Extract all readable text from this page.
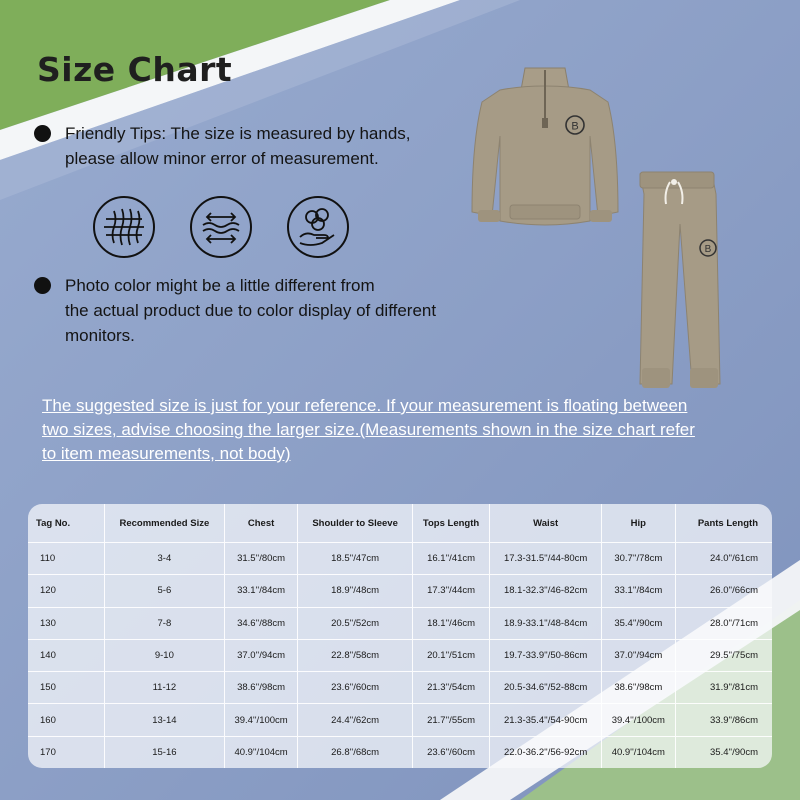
Size Chart
Friendly Tips: The size is measured by hands,
please allow minor error of measurement.
Photo color might be a little different from
the actual product due to color display of different
monitors.
B
B
The suggested size is just for your reference. If your measurement is floating between
two sizes, advise choosing the larger size.(Measurements shown in the size chart refer
to item measurements, not body)
Tag No.	Recommended Size	Chest	Shoulder to Sleeve	Tops Length	Waist	Hip	Pants Length
110	3-4	31.5''/80cm	18.5''/47cm	16.1''/41cm	17.3-31.5''/44-80cm	30.7''/78cm	24.0''/61cm
120	5-6	33.1''/84cm	18.9''/48cm	17.3''/44cm	18.1-32.3''/46-82cm	33.1''/84cm	26.0''/66cm
130	7-8	34.6''/88cm	20.5''/52cm	18.1''/46cm	18.9-33.1''/48-84cm	35.4''/90cm	28.0''/71cm
140	9-10	37.0''/94cm	22.8''/58cm	20.1''/51cm	19.7-33.9''/50-86cm	37.0''/94cm	29.5''/75cm
150	11-12	38.6''/98cm	23.6''/60cm	21.3''/54cm	20.5-34.6''/52-88cm	38.6''/98cm	31.9''/81cm
160	13-14	39.4''/100cm	24.4''/62cm	21.7''/55cm	21.3-35.4''/54-90cm	39.4''/100cm	33.9''/86cm
170	15-16	40.9''/104cm	26.8''/68cm	23.6''/60cm	22.0-36.2''/56-92cm	40.9''/104cm	35.4''/90cm
